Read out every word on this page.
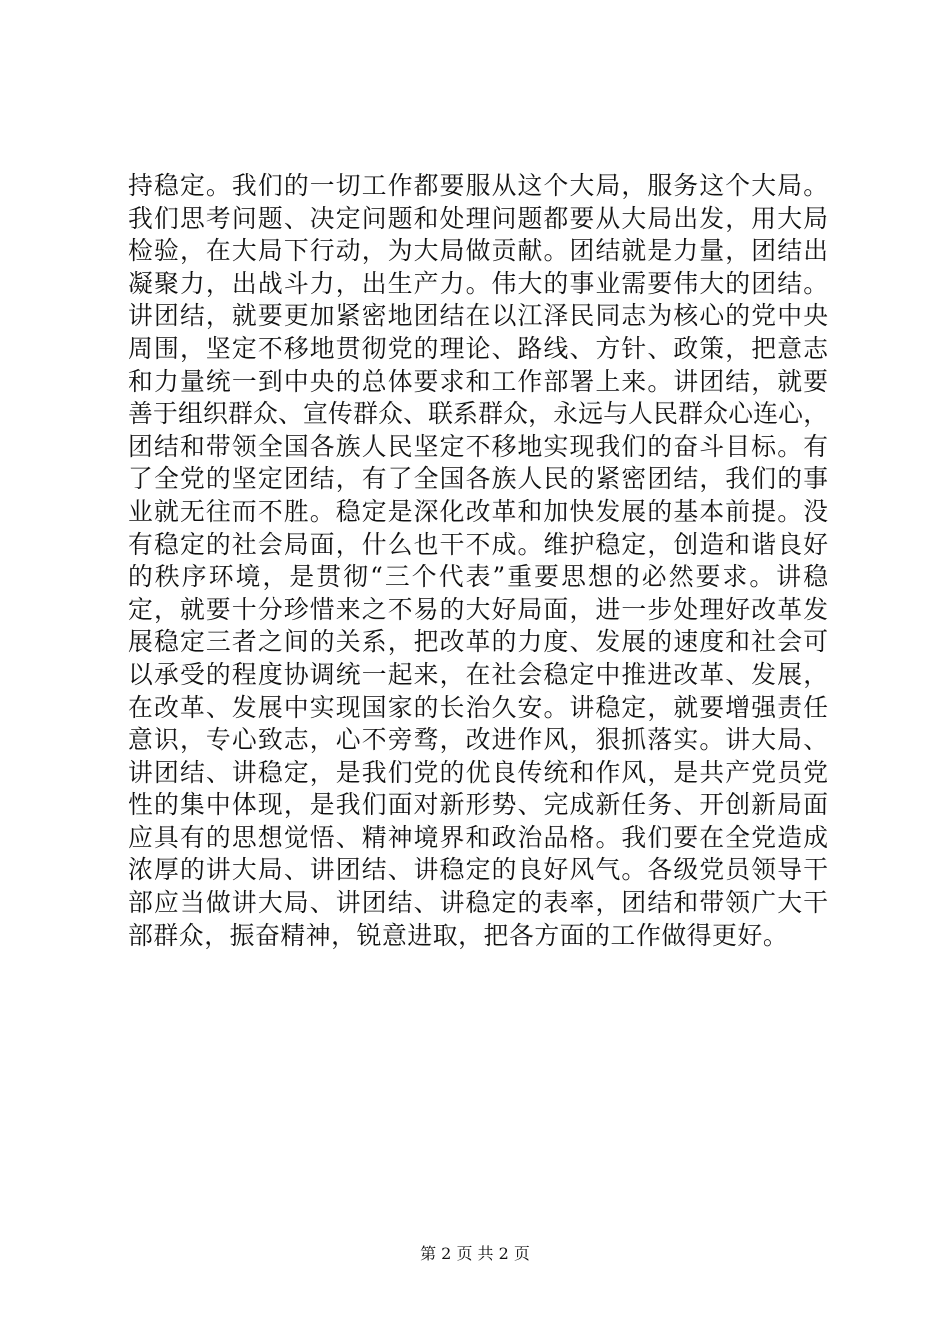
持稳定。我们的一切工作都要服从这个大局，服务这个大局。
我们思考问题、决定问题和处理问题都要从大局出发，用大局
检验，在大局下行动，为大局做贡献。团结就是力量，团结出
凝聚力，出战斗力，出生产力。伟大的事业需要伟大的团结。
讲团结，就要更加紧密地团结在以江泽民同志为核心的党中央
周围，坚定不移地贯彻党的理论、路线、方针、政策，把意志
和力量统一到中央的总体要求和工作部署上来。讲团结，就要
善于组织群众、宣传群众、联系群众，永远与人民群众心连心，
团结和带领全国各族人民坚定不移地实现我们的奋斗目标。有
了全党的坚定团结，有了全国各族人民的紧密团结，我们的事
业就无往而不胜。稳定是深化改革和加快发展的基本前提。没
有稳定的社会局面，什么也干不成。维护稳定，创造和谐良好
的秩序环境，是贯彻“三个代表”重要思想的必然要求。讲稳
定，就要十分珍惜来之不易的大好局面，进一步处理好改革发
展稳定三者之间的关系，把改革的力度、发展的速度和社会可
以承受的程度协调统一起来，在社会稳定中推进改革、发展，
在改革、发展中实现国家的长治久安。讲稳定，就要增强责任
意识，专心致志，心不旁骛，改进作风，狠抓落实。讲大局、
讲团结、讲稳定，是我们党的优良传统和作风，是共产党员党
性的集中体现，是我们面对新形势、完成新任务、开创新局面
应具有的思想觉悟、精神境界和政治品格。我们要在全党造成
浓厚的讲大局、讲团结、讲稳定的良好风气。各级党员领导干
部应当做讲大局、讲团结、讲稳定的表率，团结和带领广大干
部群众，振奋精神，锐意进取，把各方面的工作做得更好。
第 2 页 共 2 页
